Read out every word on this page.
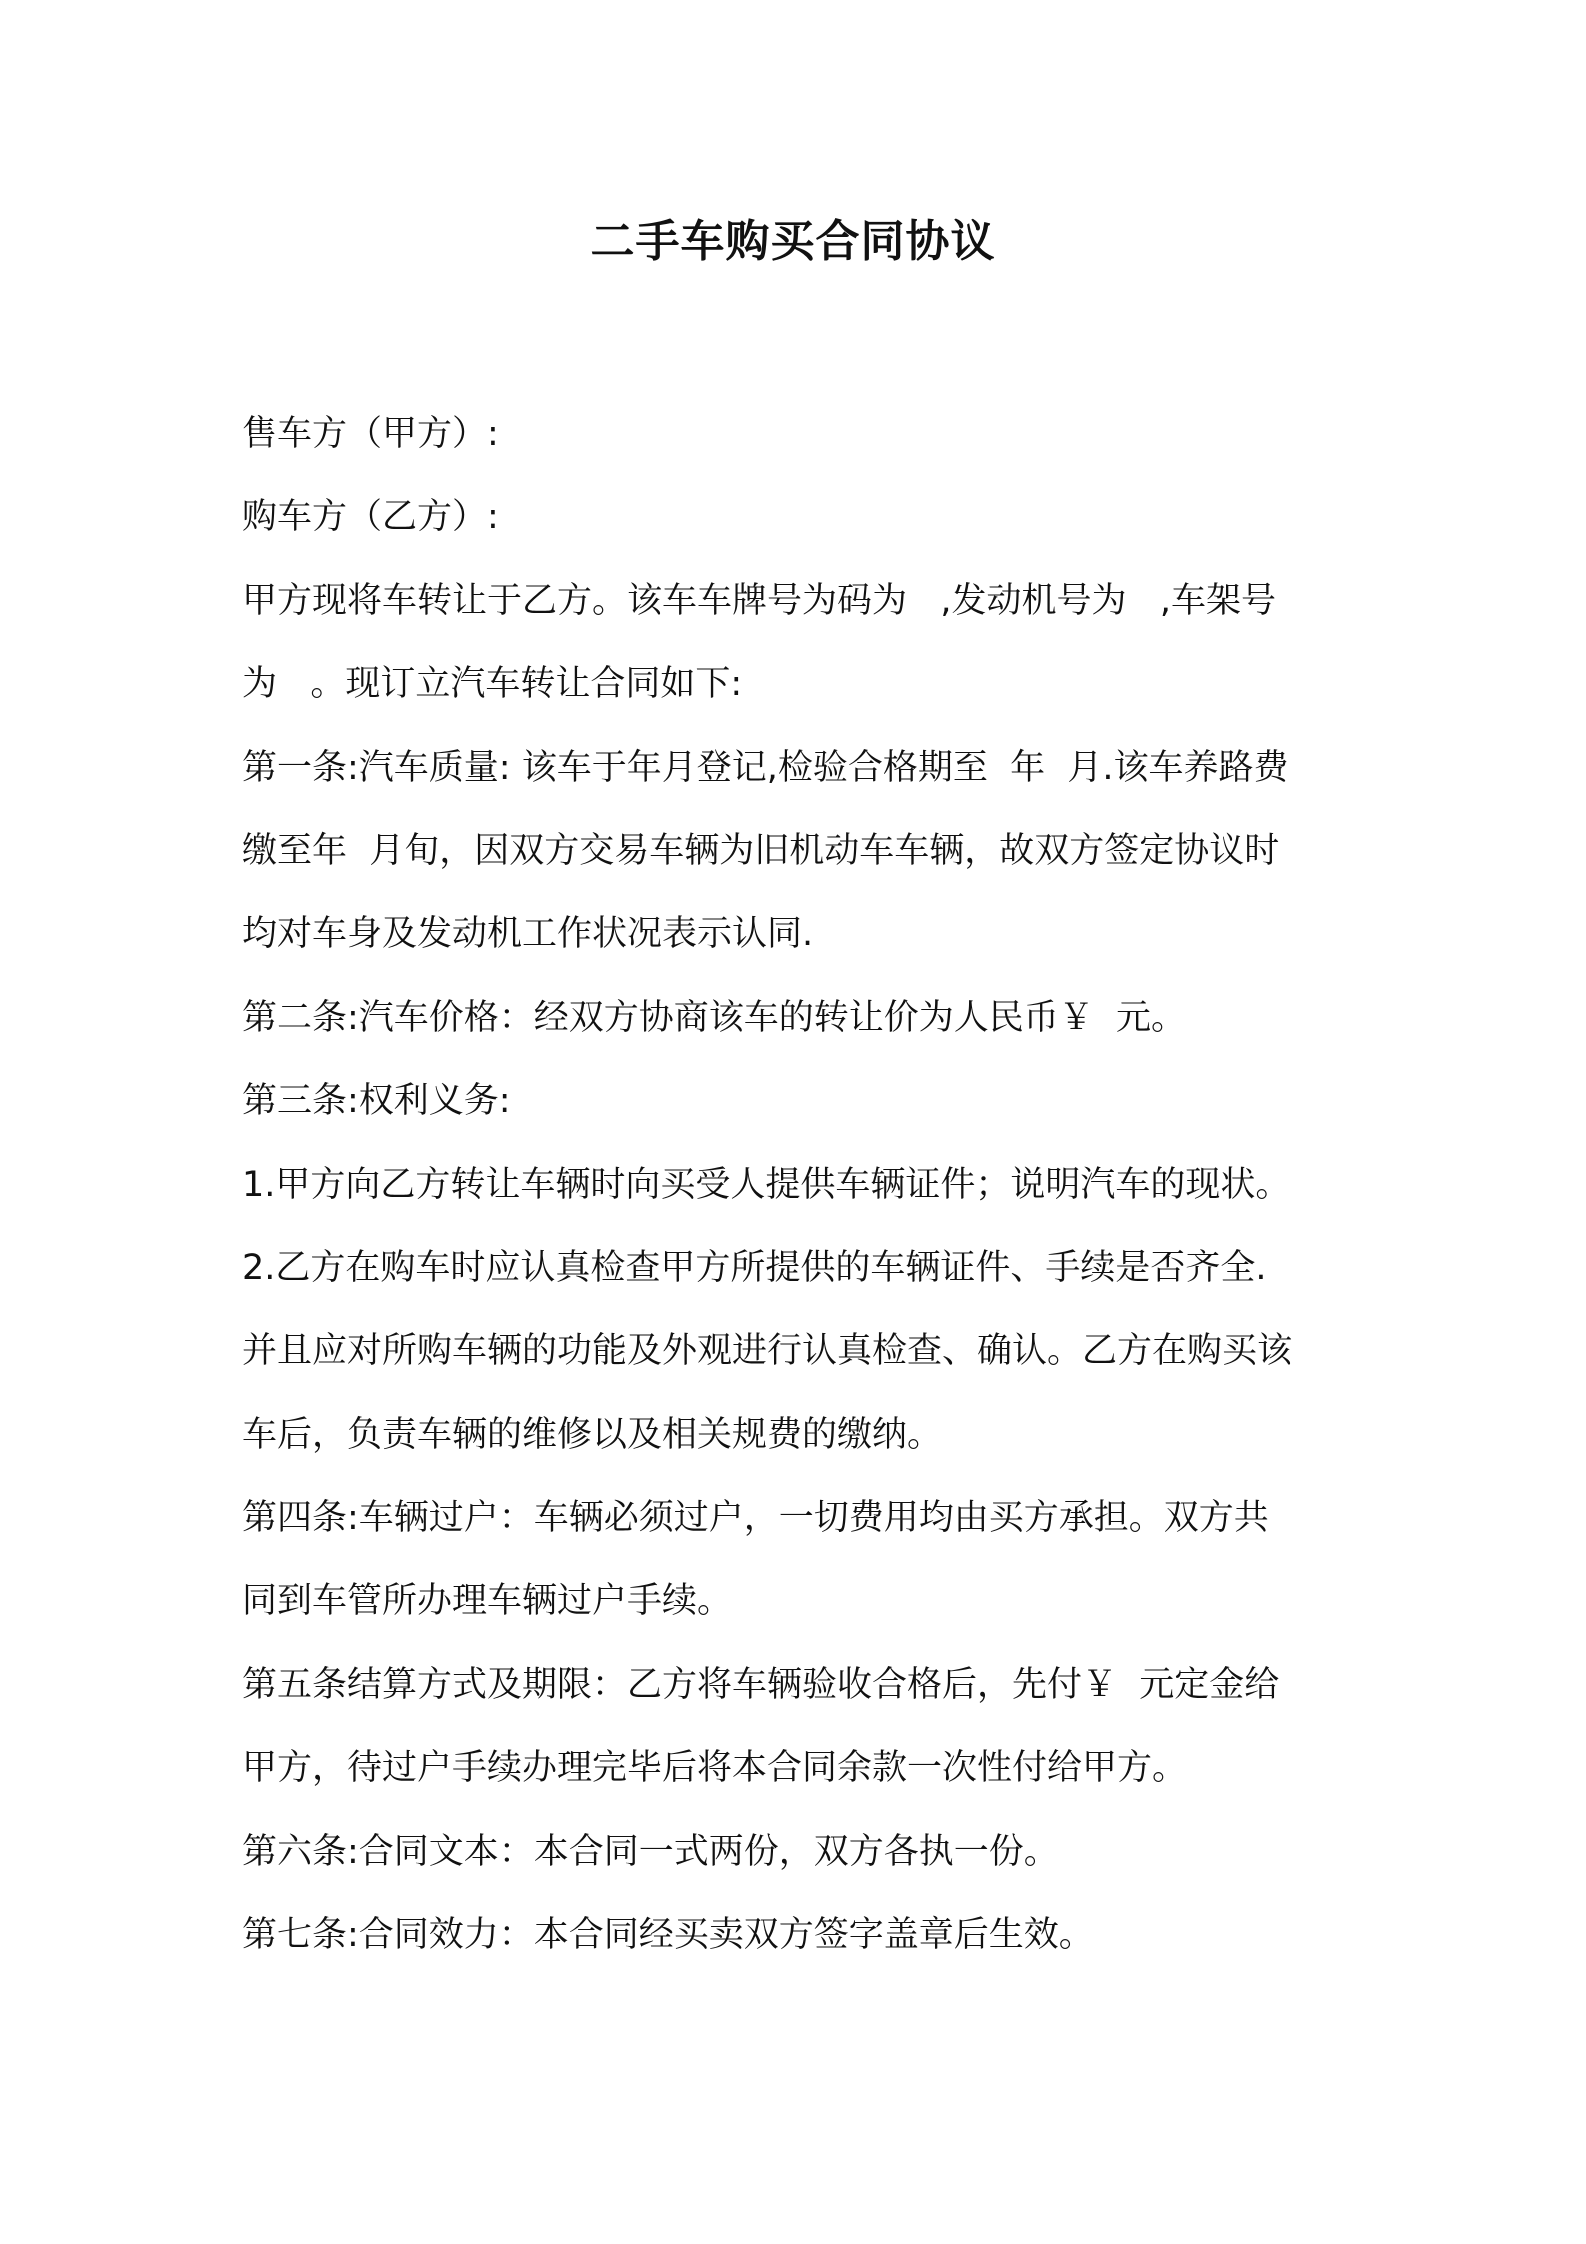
二手车购买合同协议

售车方（甲方）:

购车方（乙方）:

甲方现将车转让于乙方。该车车牌号为码为   ,发动机号为   ,车架号

为   。现订立汽车转让合同如下:

第一条:汽车质量: 该车于年月登记,检验合格期至  年  月.该车养路费

缴至年  月旬，因双方交易车辆为旧机动车车辆，故双方签定协议时

均对车身及发动机工作状况表示认同.

第二条:汽车价格：经双方协商该车的转让价为人民币￥  元。

第三条:权利义务:

1.甲方向乙方转让车辆时向买受人提供车辆证件；说明汽车的现状。

2.乙方在购车时应认真检查甲方所提供的车辆证件、手续是否齐全.

并且应对所购车辆的功能及外观进行认真检查、确认。乙方在购买该

车后，负责车辆的维修以及相关规费的缴纳。

第四条:车辆过户：车辆必须过户，一切费用均由买方承担。双方共

同到车管所办理车辆过户手续。

第五条结算方式及期限：乙方将车辆验收合格后，先付￥  元定金给

甲方，待过户手续办理完毕后将本合同余款一次性付给甲方。

第六条:合同文本：本合同一式两份，双方各执一份。

第七条:合同效力：本合同经买卖双方签字盖章后生效。
